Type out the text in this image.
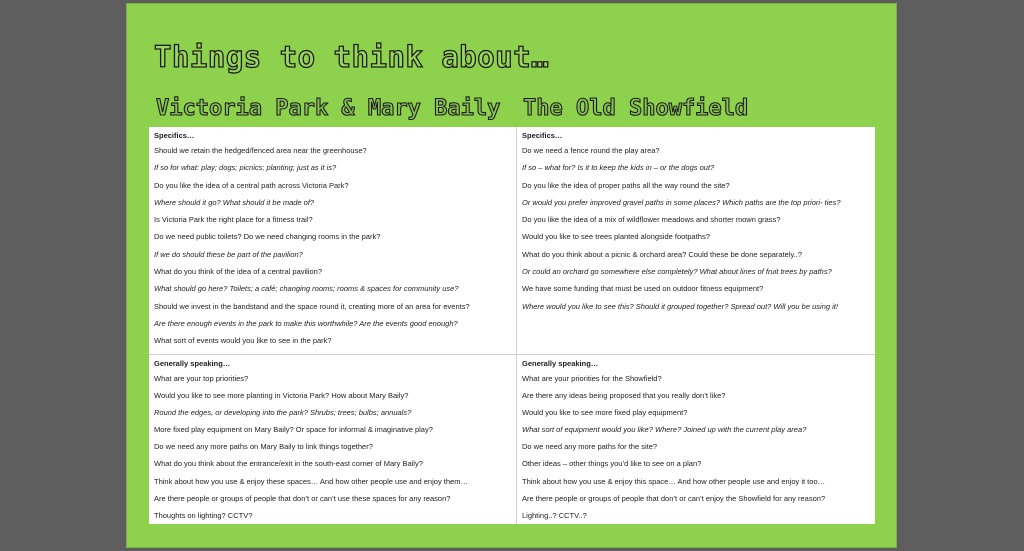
Things to think about…
Victoria Park & Mary Baily The Old Showfield
Specifics…
Should we retain the hedged/fenced area near the greenhouse?
If so for what: play; dogs; picnics; planting; just as it is?
Do you like the idea of a central path across Victoria Park?
Where should it go? What should it be made of?
Is Victoria Park the right place for a fitness trail?
Do we need public toilets? Do we need changing rooms in the park?
If we do should these be part of the pavilion?
What do you think of the idea of a central pavilion?
What should go here? Toilets; a café; changing rooms; rooms & spaces for community use?
Should we invest in the bandstand and the space round it, creating more of an area for events?
Are there enough events in the park to make this worthwhile? Are the events good enough?
What sort of events would you like to see in the park?
Specifics…
Do we need a fence round the play area?
If so – what for? Is it to keep the kids in – or the dogs out?
Do you like the idea of proper paths all the way round the site?
Or would you prefer improved gravel paths in some places? Which paths are the top priori- ties?
Do you like the idea of a mix of wildflower meadows and shorter mown grass?
Would you like to see trees planted alongside footpaths?
What do you think about a picnic & orchard area? Could these be done separately..?
Or could an orchard go somewhere else completely? What about lines of fruit trees by paths?
We have some funding that must be used on outdoor fitness equipment?
Where would you like to see this? Should it grouped together? Spread out? Will you be using it!
Generally speaking…
What are your top priorities?
Would you like to see more planting in Victoria Park? How about Mary Baily?
Round the edges, or developing into the park? Shrubs; trees; bulbs; annuals?
More fixed play equipment on Mary Baily? Or space for informal & imaginative play?
Do we need any more paths on Mary Baily to link things together?
What do you think about the entrance/exit in the south-east corner of Mary Baily?
Think about how you use & enjoy these spaces… And how other people use and enjoy them…
Are there people or groups of people that don’t or can’t use these spaces for any reason?
Thoughts on lighting? CCTV?
Generally speaking…
What are your priorities for the Showfield?
Are there any ideas being proposed that you really don’t like?
Would you like to see more fixed play equipment?
What sort of equipment would you like? Where? Joined up with the current play area?
Do we need any more paths for the site?
Other ideas – other things you’d like to see on a plan?
Think about how you use & enjoy this space… And how other people use and enjoy it too…
Are there people or groups of people that don’t or can’t enjoy the Showfield for any reason?
Lighting..? CCTV..?
